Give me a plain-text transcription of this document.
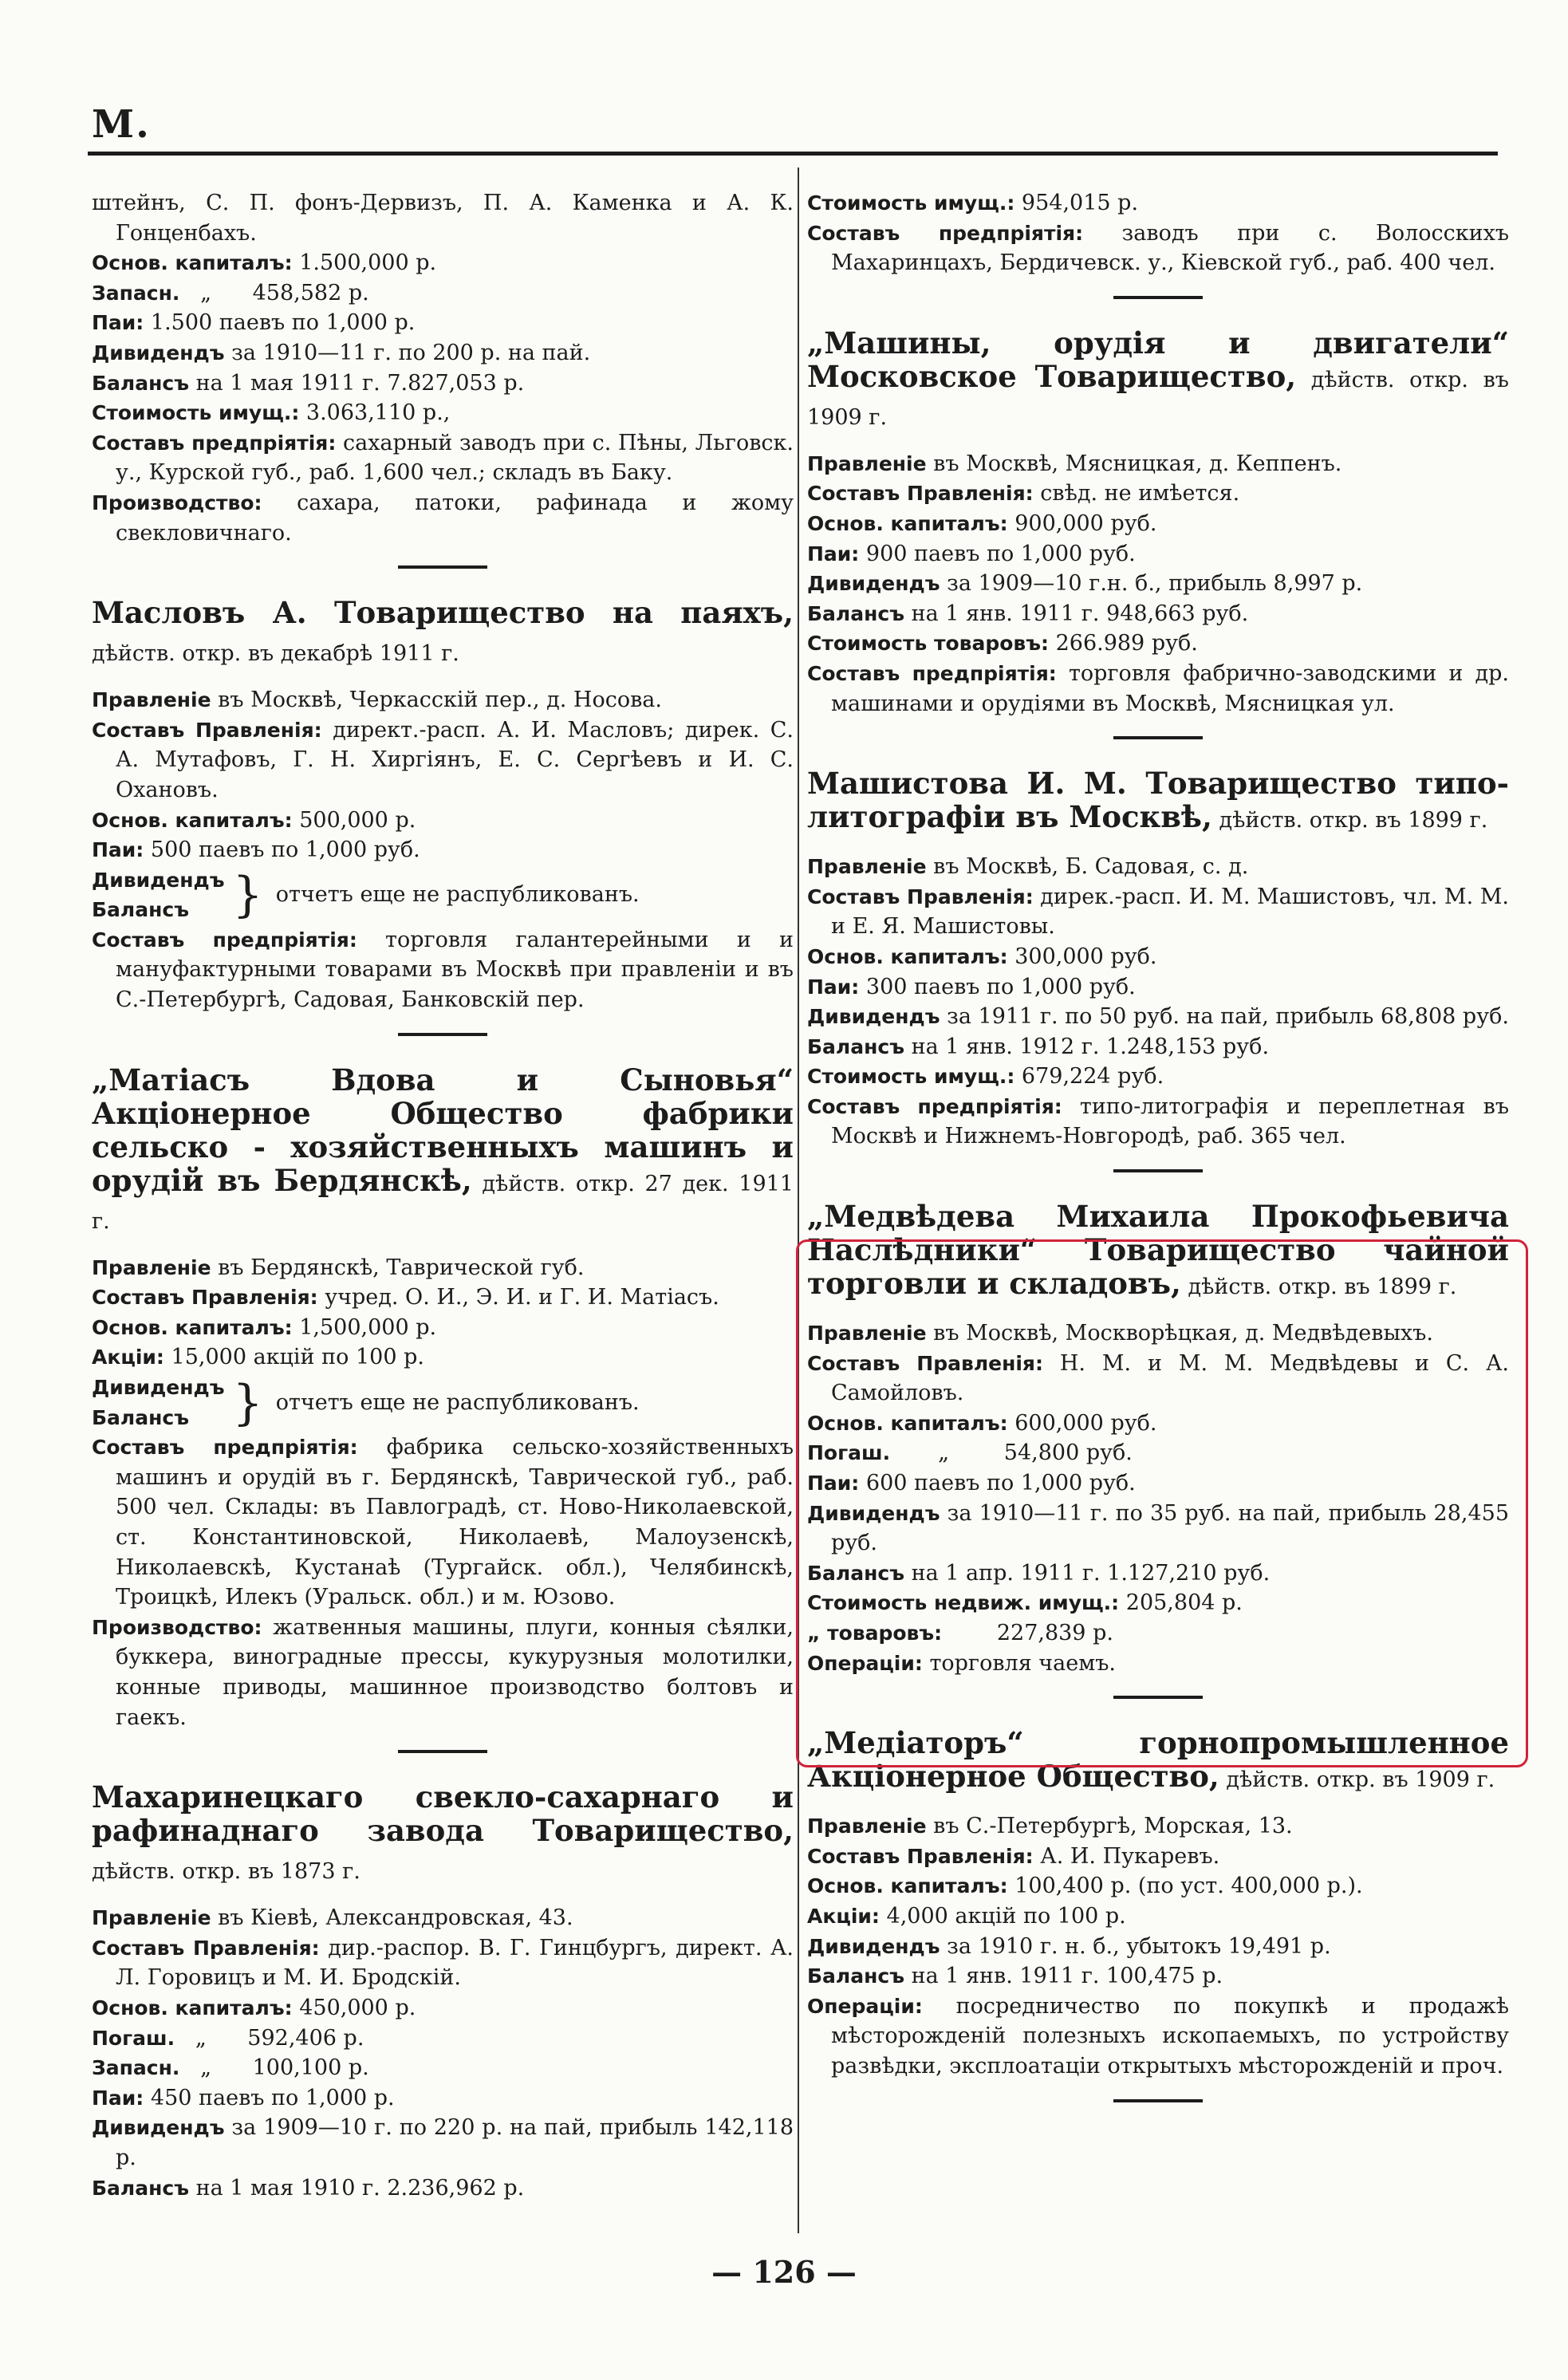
М.

штейнъ, С. П. фонъ-Дервизъ, П. А. Каменка и А. К. Гонценбахъ.

Основ. капиталъ: 1.500,000 р.

Запасн.   „      458,582 р.

Паи: 1.500 паевъ по 1,000 р.

Дивидендъ за 1910—11 г. по 200 р. на пай.

Балансъ на 1 мая 1911 г. 7.827,053 р.

Стоимость имущ.: 3.063,110 р.,

Составъ предпріятія: сахарный заводъ при с. Пѣны, Льговск. у., Курской губ., раб. 1,600 чел.; складъ въ Баку.

Производство: сахара, патоки, рафинада и жому свекловичнаго.

Масловъ А. Товарищество на паяхъ, дѣйств. откр. въ декабрѣ 1911 г.

Правленіе въ Москвѣ, Черкасскій пер., д. Носова.

Составъ Правленія: директ.-расп. А. И. Масловъ; дирек. С. А. Мутафовъ, Г. Н. Хиргіянъ, Е. С. Сергѣевъ и И. С. Охановъ.

Основ. капиталъ: 500,000 р.

Паи: 500 паевъ по 1,000 руб.

Дивидендъ
Балансъ } отчетъ еще не распубликованъ.

Составъ предпріятія: торговля галантерейными и и мануфактурными товарами въ Москвѣ при правленіи и въ С.-Петербургѣ, Садовая, Банковскій пер.

„Матіасъ Вдова и Сыновья“ Акціонерное Общество фабрики сельско - хозяйственныхъ машинъ и орудій въ Бердянскѣ, дѣйств. откр. 27 дек. 1911 г.

Правленіе въ Бердянскѣ, Таврической губ.

Составъ Правленія: учред. О. И., Э. И. и Г. И. Матіасъ.

Основ. капиталъ: 1,500,000 р.

Акціи: 15,000 акцій по 100 р.

Дивидендъ
Балансъ } отчетъ еще не распубликованъ.

Составъ предпріятія: фабрика сельско-хозяйственныхъ машинъ и орудій въ г. Бердянскѣ, Таврической губ., раб. 500 чел. Склады: въ Павлоградѣ, ст. Ново-Николаевской, ст. Константиновской, Николаевѣ, Малоузенскѣ, Николаевскѣ, Кустанаѣ (Тургайск. обл.), Челябинскѣ, Троицкѣ, Илекъ (Уральск. обл.) и м. Юзово.

Производство: жатвенныя машины, плуги, конныя сѣялки, буккера, виноградные прессы, кукурузныя молотилки, конные приводы, машинное производство болтовъ и гаекъ.

Махаринецкаго свекло-сахарнаго и рафинаднаго завода Товарищество, дѣйств. откр. въ 1873 г.

Правленіе въ Кіевѣ, Александровская, 43.

Составъ Правленія: дир.-распор. В. Г. Гинцбургъ, директ. А. Л. Горовицъ и М. И. Бродскій.

Основ. капиталъ: 450,000 р.

Погаш.   „      592,406 р.

Запасн.   „      100,100 р.

Паи: 450 паевъ по 1,000 р.

Дивидендъ за 1909—10 г. по 220 р. на пай, прибыль 142,118 р.

Балансъ на 1 мая 1910 г. 2.236,962 р.

Стоимость имущ.: 954,015 р.

Составъ предпріятія: заводъ при с. Волосскихъ Махаринцахъ, Бердичевск. у., Кіевской губ., раб. 400 чел.

„Машины, орудія и двигатели“ Московское Товарищество, дѣйств. откр. въ 1909 г.

Правленіе въ Москвѣ, Мясницкая, д. Кеппенъ.

Составъ Правленія: свѣд. не имѣется.

Основ. капиталъ: 900,000 руб.

Паи: 900 паевъ по 1,000 руб.

Дивидендъ за 1909—10 г.н. б., прибыль 8,997 р.

Балансъ на 1 янв. 1911 г. 948,663 руб.

Стоимость товаровъ: 266.989 руб.

Составъ предпріятія: торговля фабрично-заводскими и др. машинами и орудіями въ Москвѣ, Мясницкая ул.

Машистова И. М. Товарищество типо-литографіи въ Москвѣ, дѣйств. откр. въ 1899 г.

Правленіе въ Москвѣ, Б. Садовая, с. д.

Составъ Правленія: дирек.-расп. И. М. Машистовъ, чл. М. М. и Е. Я. Машистовы.

Основ. капиталъ: 300,000 руб.

Паи: 300 паевъ по 1,000 руб.

Дивидендъ за 1911 г. по 50 руб. на пай, прибыль 68,808 руб.

Балансъ на 1 янв. 1912 г. 1.248,153 руб.

Стоимость имущ.: 679,224 руб.

Составъ предпріятія: типо-литографія и переплетная въ Москвѣ и Нижнемъ-Новгородѣ, раб. 365 чел.

„Медвѣдева Михаила Прокофьевича Наслѣдники“ Товарищество чайной торговли и складовъ, дѣйств. откр. въ 1899 г.

Правленіе въ Москвѣ, Москворѣцкая, д. Медвѣдевыхъ.

Составъ Правленія: Н. М. и М. М. Медвѣдевы и С. А. Самойловъ.

Основ. капиталъ: 600,000 руб.

Погаш.       „        54,800 руб.

Паи: 600 паевъ по 1,000 руб.

Дивидендъ за 1910—11 г. по 35 руб. на пай, прибыль 28,455 руб.

Балансъ на 1 апр. 1911 г. 1.127,210 руб.

Стоимость недвиж. имущ.: 205,804 р.

„ товаровъ:        227,839 р.

Операціи: торговля чаемъ.

„Медіаторъ“ горнопромышленное Акціонерное Общество, дѣйств. откр. въ 1909 г.

Правленіе въ С.-Петербургѣ, Морская, 13.

Составъ Правленія: А. И. Пукаревъ.

Основ. капиталъ: 100,400 р. (по уст. 400,000 р.).

Акціи: 4,000 акцій по 100 р.

Дивидендъ за 1910 г. н. б., убытокъ 19,491 р.

Балансъ на 1 янв. 1911 г. 100,475 р.

Операціи: посредничество по покупкѣ и продажѣ мѣсторожденій полезныхъ ископаемыхъ, по устройству развѣдки, эксплоатаціи открытыхъ мѣсторожденій и проч.

— 126 —
